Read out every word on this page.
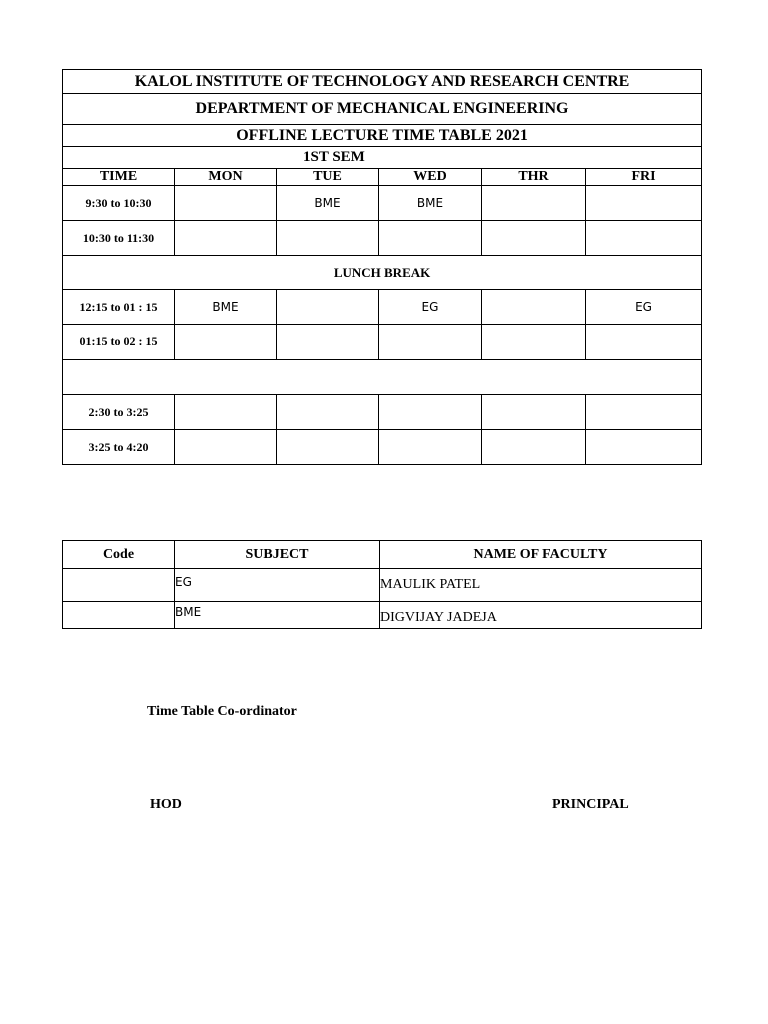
KALOL INSTITUTE OF TECHNOLOGY AND RESEARCH CENTRE					
DEPARTMENT OF MECHANICAL ENGINEERING					
OFFLINE LECTURE TIME TABLE 2021					
1ST SEM					
TIME	MON	TUE	WED	THR	FRI
9:30 to 10:30		BME	BME		
10:30 to 11:30					
LUNCH BREAK					
12:15 to 01 : 15	BME		EG		EG
01:15 to 02 : 15					

2:30 to 3:25					
3:25 to 4:20					
Code	SUBJECT	NAME OF FACULTY
	EG	MAULIK PATEL
	BME	DIGVIJAY JADEJA
Time Table Co-ordinator
HOD	PRINCIPAL
